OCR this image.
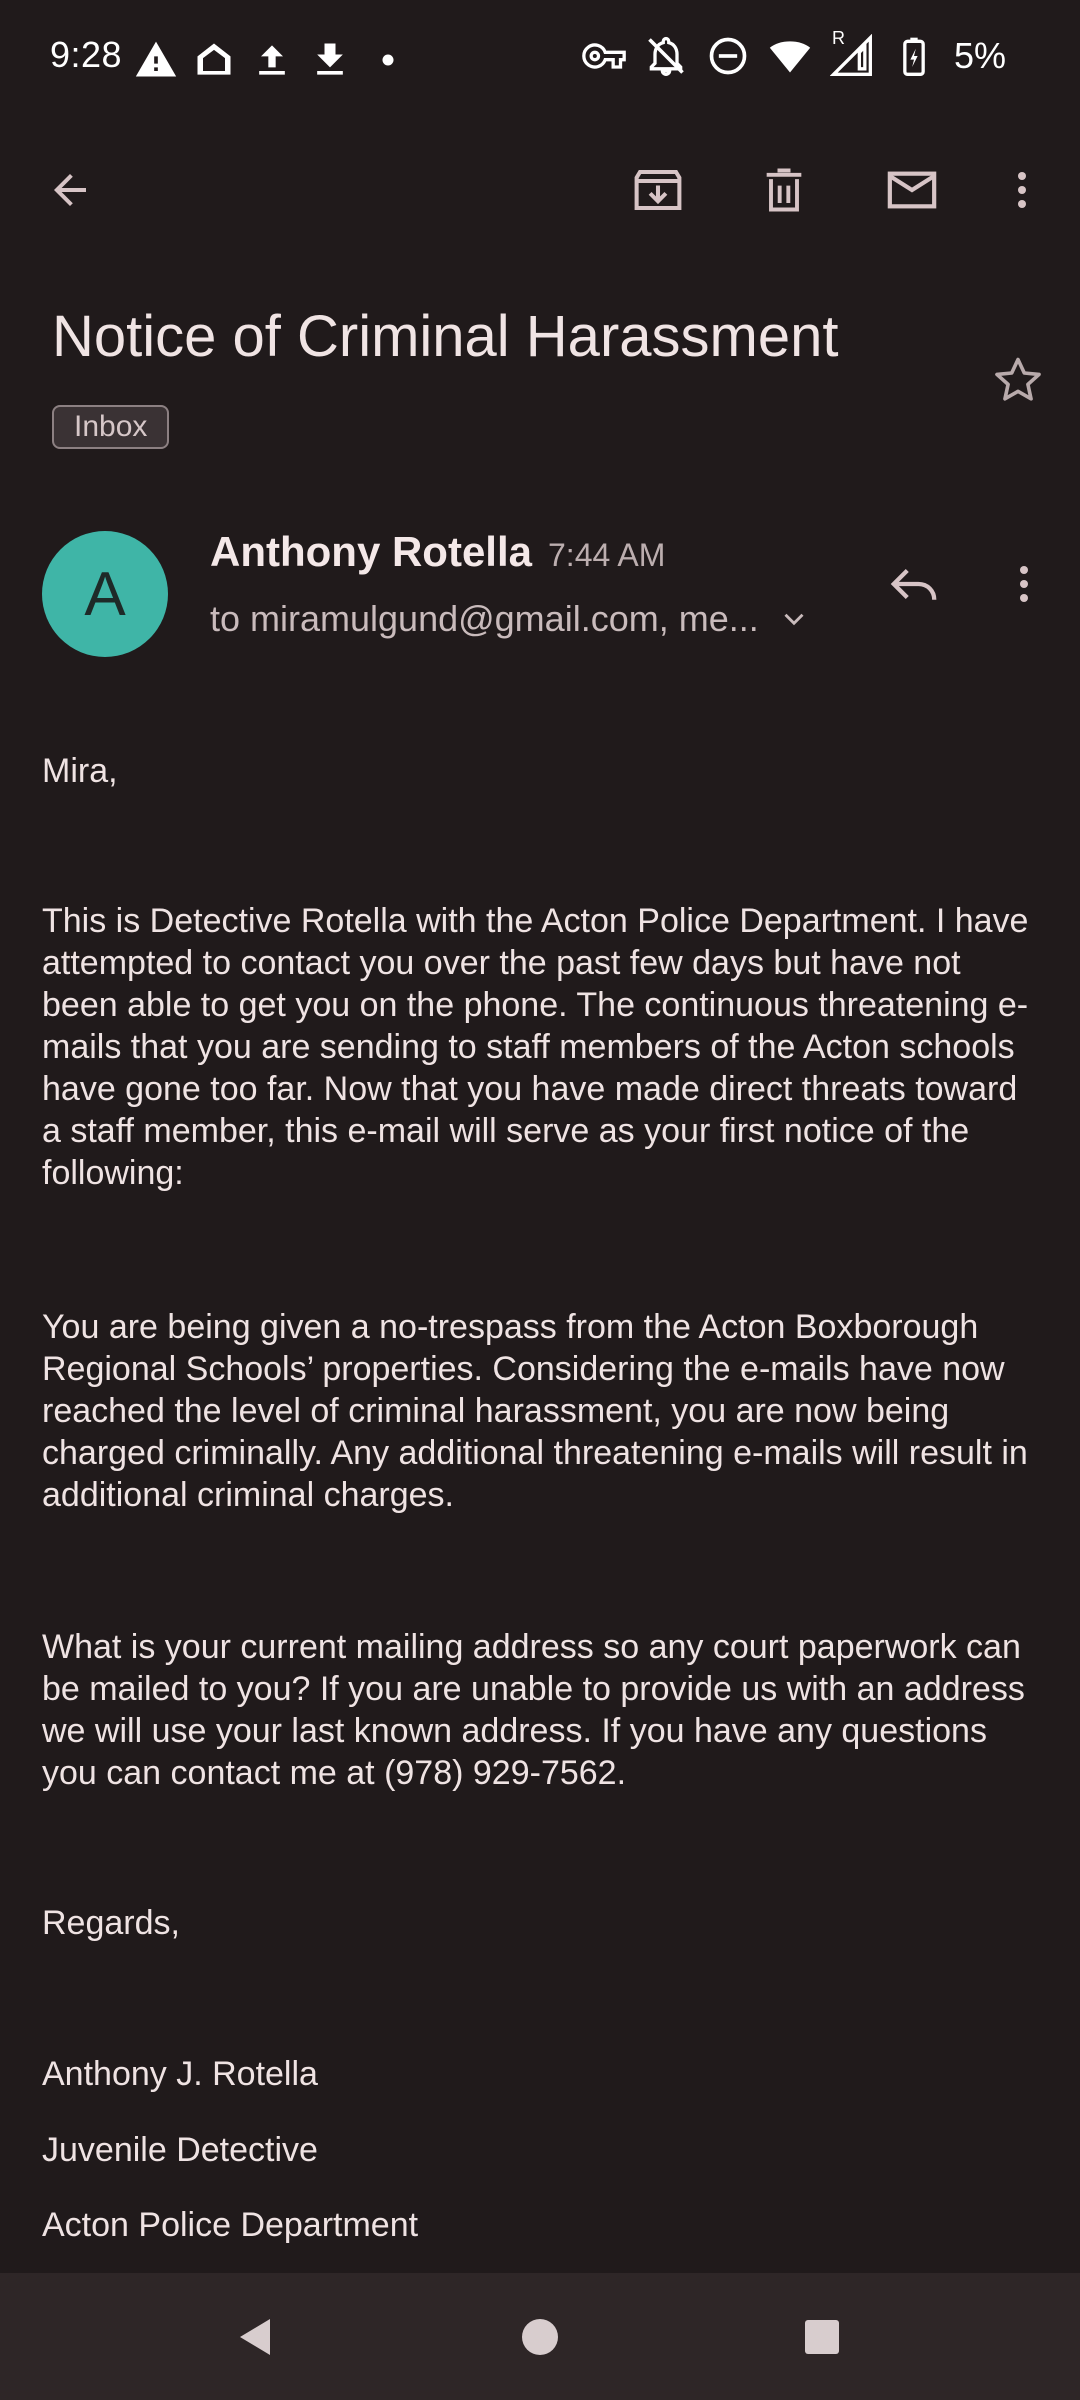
9:28	R	5%
Notice of Criminal Harassment
Inbox
A
Anthony Rotella 7:44 AM
to miramulgund@gmail.com, me...

Mira,

This is Detective Rotella with the Acton Police Department. I have attempted to contact you over the past few days but have not been able to get you on the phone. The continuous threatening e-mails that you are sending to staff members of the Acton schools have gone too far. Now that you have made direct threats toward a staff member, this e-mail will serve as your first notice of the following:

You are being given a no-trespass from the Acton Boxborough Regional Schools’ properties. Considering the e-mails have now reached the level of criminal harassment, you are now being charged criminally. Any additional threatening e-mails will result in additional criminal charges.

What is your current mailing address so any court paperwork can be mailed to you? If you are unable to provide us with an address we will use your last known address. If you have any questions you can contact me at (978) 929-7562.

Regards,

Anthony J. Rotella

Juvenile Detective

Acton Police Department
